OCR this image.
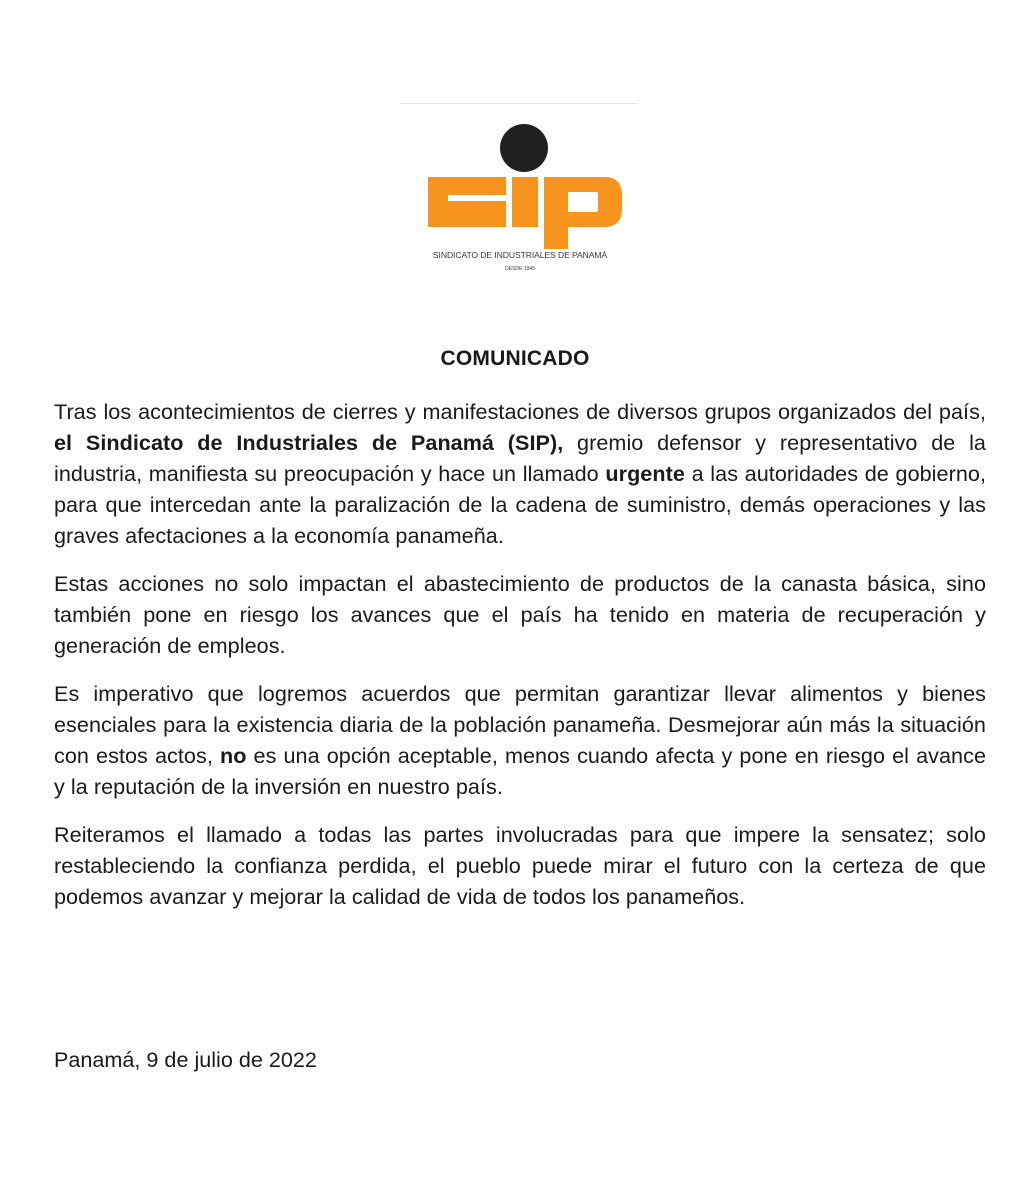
SINDICATO DE INDUSTRIALES DE PANAMÁ
DESDE 1945
COMUNICADO

Tras los acontecimientos de cierres y manifestaciones de diversos grupos organizados del país, el Sindicato de Industriales de Panamá (SIP), gremio defensor y representativo de la industria, manifiesta su preocupación y hace un llamado urgente a las autoridades de gobierno, para que intercedan ante la paralización de la cadena de suministro, demás operaciones y las graves afectaciones a la economía panameña.

Estas acciones no solo impactan el abastecimiento de productos de la canasta básica, sino también pone en riesgo los avances que el país ha tenido en materia de recuperación y generación de empleos.

Es imperativo que logremos acuerdos que permitan garantizar llevar alimentos y bienes esenciales para la existencia diaria de la población panameña. Desmejorar aún más la situación con estos actos, no es una opción aceptable, menos cuando afecta y pone en riesgo el avance y la reputación de la inversión en nuestro país.

Reiteramos el llamado a todas las partes involucradas para que impere la sensatez; solo restableciendo la confianza perdida, el pueblo puede mirar el futuro con la certeza de que podemos avanzar y mejorar la calidad de vida de todos los panameños.

Panamá, 9 de julio de 2022
